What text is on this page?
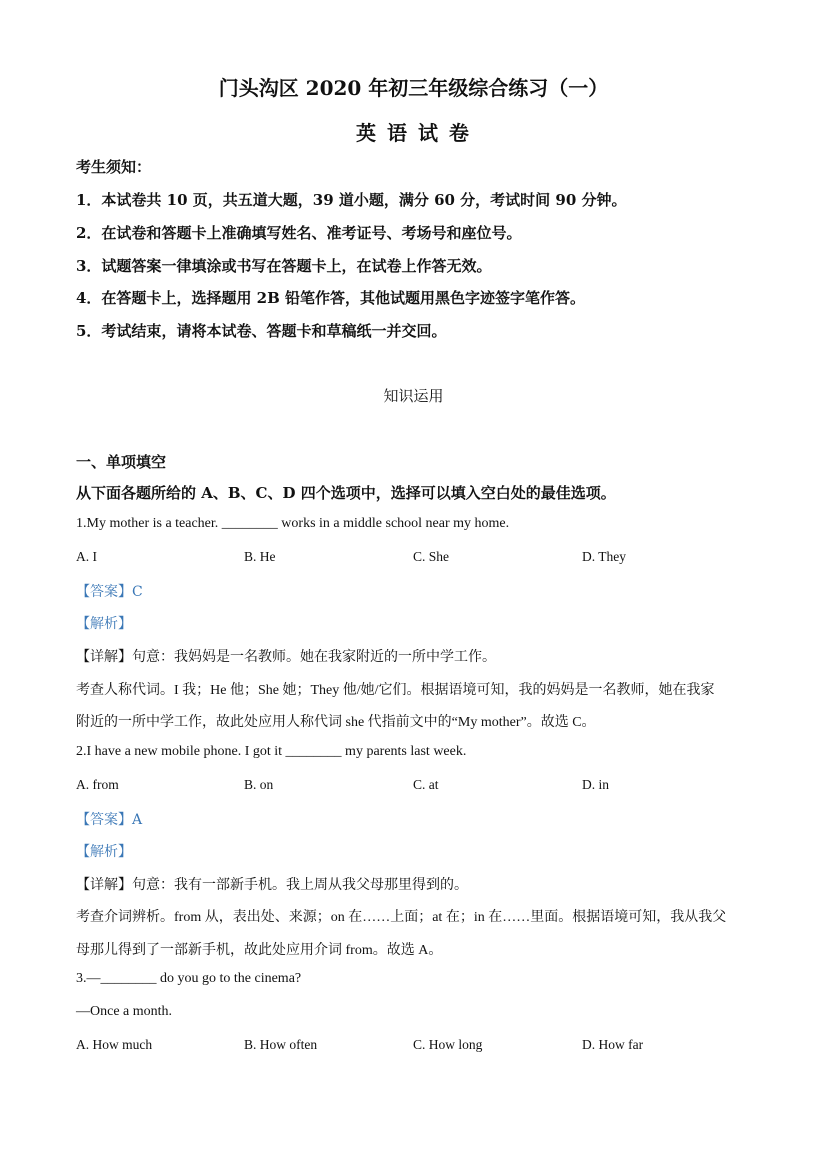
门头沟区 2020 年初三年级综合练习（一）
英 语 试 卷
考生须知：
1．本试卷共 10 页，共五道大题，39 道小题，满分 60 分，考试时间 90 分钟。
2．在试卷和答题卡上准确填写姓名、准考证号、考场号和座位号。
3．试题答案一律填涂或书写在答题卡上，在试卷上作答无效。
4．在答题卡上，选择题用 2B 铅笔作答，其他试题用黑色字迹签字笔作答。
5．考试结束，请将本试卷、答题卡和草稿纸一并交回。
知识运用
一、单项填空
从下面各题所给的 A、B、C、D 四个选项中，选择可以填入空白处的最佳选项。
1.My mother is a teacher. ________ works in a middle school near my home.
A. I	B. He	C. She	D. They
【答案】C
【解析】
【详解】句意：我妈妈是一名教师。她在我家附近的一所中学工作。
考查人称代词。I 我；He 他；She 她；They 他/她/它们。根据语境可知，我的妈妈是一名教师，她在我家
附近的一所中学工作，故此处应用人称代词 she 代指前文中的“My mother”。故选 C。
2.I have a new mobile phone. I got it ________ my parents last week.
A. from	B. on	C. at	D. in
【答案】A
【解析】
【详解】句意：我有一部新手机。我上周从我父母那里得到的。
考查介词辨析。from 从，表出处、来源；on 在……上面；at 在；in 在……里面。根据语境可知，我从我父
母那儿得到了一部新手机，故此处应用介词 from。故选 A。
3.—________ do you go to the cinema?
—Once a month.
A. How much	B. How often	C. How long	D. How far
